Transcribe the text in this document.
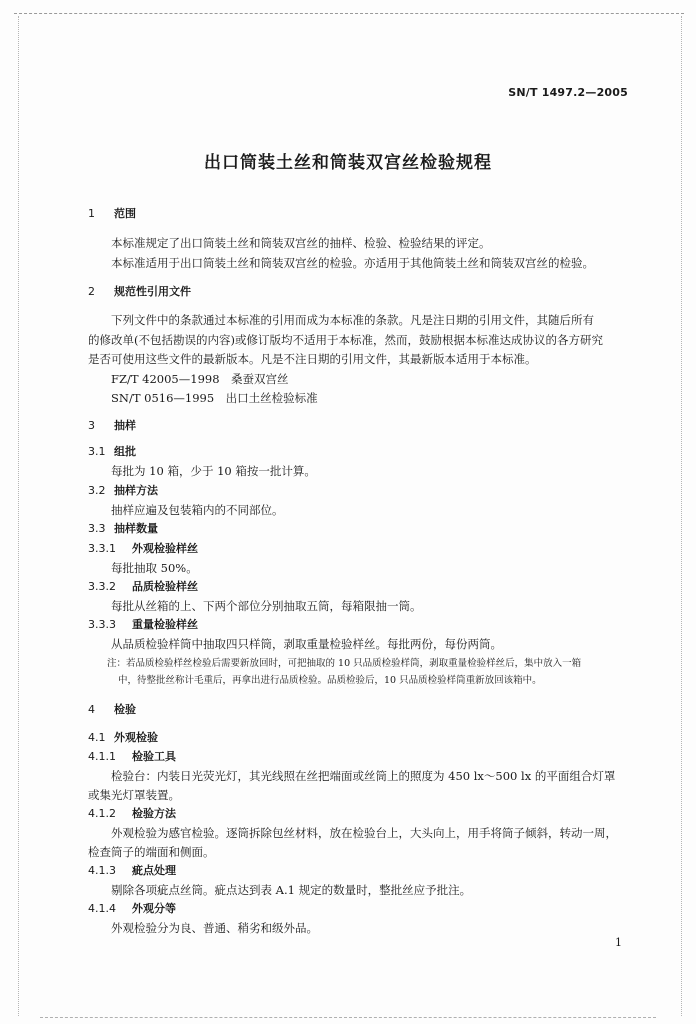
SN/T 1497.2—2005
出口筒装土丝和筒装双宫丝检验规程
1 范围
本标准规定了出口筒装土丝和筒装双宫丝的抽样、检验、检验结果的评定。
本标准适用于出口筒装土丝和筒装双宫丝的检验。亦适用于其他筒装土丝和筒装双宫丝的检验。
2 规范性引用文件
下列文件中的条款通过本标准的引用而成为本标准的条款。凡是注日期的引用文件，其随后所有
的修改单(不包括勘误的内容)或修订版均不适用于本标准，然而，鼓励根据本标准达成协议的各方研究
是否可使用这些文件的最新版本。凡是不注日期的引用文件，其最新版本适用于本标准。
FZ/T 42005—1998　桑蚕双宫丝
SN/T 0516—1995　出口土丝检验标准
3 抽样
3.1 组批
每批为 10 箱，少于 10 箱按一批计算。
3.2 抽样方法
抽样应遍及包装箱内的不同部位。
3.3 抽样数量
3.3.1 外观检验样丝
每批抽取 50%。
3.3.2 品质检验样丝
每批从丝箱的上、下两个部位分别抽取五筒，每箱限抽一筒。
3.3.3 重量检验样丝
从品质检验样筒中抽取四只样筒，剥取重量检验样丝。每批两份，每份两筒。
注：若品质检验样丝检验后需要新放回时，可把抽取的 10 只品质检验样筒，剥取重量检验样丝后，集中放入一箱
中，待整批丝称计毛重后，再拿出进行品质检验。品质检验后，10 只品质检验样筒重新放回该箱中。
4 检验
4.1 外观检验
4.1.1 检验工具
检验台：内装日光荧光灯，其光线照在丝把端面或丝筒上的照度为 450 lx～500 lx 的平面组合灯罩
或集光灯罩装置。
4.1.2 检验方法
外观检验为感官检验。逐筒拆除包丝材料，放在检验台上，大头向上，用手将筒子倾斜，转动一周，
检查筒子的端面和侧面。
4.1.3 疵点处理
剔除各项疵点丝筒。疵点达到表 A.1 规定的数量时，整批丝应予批注。
4.1.4 外观分等
外观检验分为良、普通、稍劣和级外品。
1
